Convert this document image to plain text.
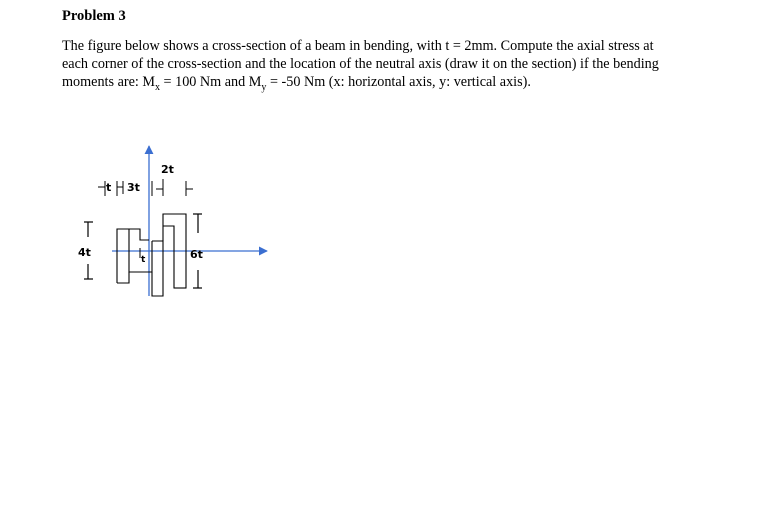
Problem 3
The figure below shows a cross-section of a beam in bending, with t = 2mm. Compute the axial stress at
each corner of the cross-section and the location of the neutral axis (draw it on the section) if the bending
moments are: $M_x = 100$ Nm and $M_y = -50$ Nm (x: horizontal axis, y: vertical axis).
2t
t 3t
4t	6t
t
